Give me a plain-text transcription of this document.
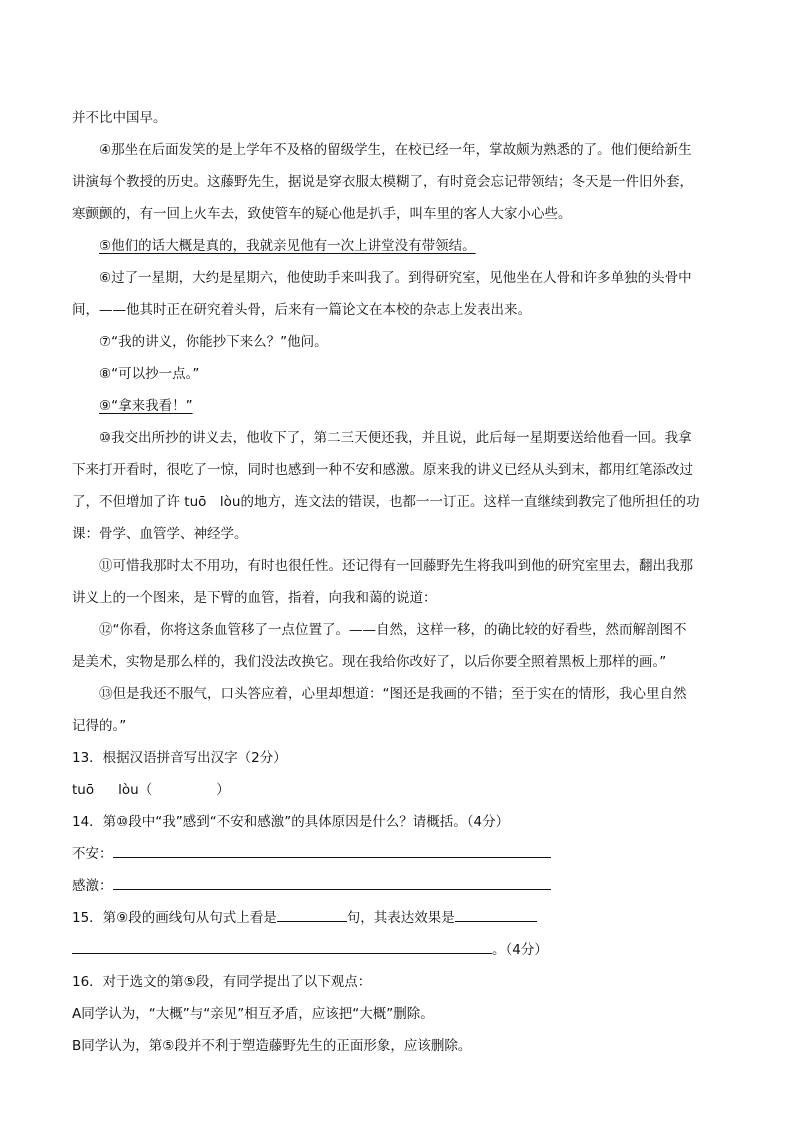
并不比中国早。
④那坐在后面发笑的是上学年不及格的留级学生，在校已经一年，掌故颇为熟悉的了。他们便给新生
讲演每个教授的历史。这藤野先生，据说是穿衣服太模糊了，有时竟会忘记带领结；冬天是一件旧外套，
寒颤颤的，有一回上火车去，致使管车的疑心他是扒手，叫车里的客人大家小心些。
⑤他们的话大概是真的，我就亲见他有一次上讲堂没有带领结。
⑥过了一星期，大约是星期六，他使助手来叫我了。到得研究室，见他坐在人骨和许多单独的头骨中
间，——他其时正在研究着头骨，后来有一篇论文在本校的杂志上发表出来。
⑦“我的讲义，你能抄下来么？”他问。
⑧“可以抄一点。”
⑨“拿来我看！”
⑩我交出所抄的讲义去，他收下了，第二三天便还我，并且说，此后每一星期要送给他看一回。我拿
下来打开看时，很吃了一惊，同时也感到一种不安和感激。原来我的讲义已经从头到末，都用红笔添改过
了，不但增加了许 tuō　lòu的地方，连文法的错误，也都一一订正。这样一直继续到教完了他所担任的功
课：骨学、血管学、神经学。
⑪可惜我那时太不用功，有时也很任性。还记得有一回藤野先生将我叫到他的研究室里去，翻出我那
讲义上的一个图来，是下臂的血管，指着，向我和蔼的说道：
⑫“你看，你将这条血管移了一点位置了。——自然，这样一移，的确比较的好看些，然而解剖图不
是美术，实物是那么样的，我们没法改换它。现在我给你改好了，以后你要全照着黑板上那样的画。”
⑬但是我还不服气，口头答应着，心里却想道：“图还是我画的不错；至于实在的情形，我心里自然
记得的。”
13．根据汉语拼音写出汉字（2分）
tuō lòu（	）
14．第⑩段中“我”感到“不安和感激”的具体原因是什么？请概括。（4分）
不安：
感激：
15．第⑨段的画线句从句式上看是	句，其表达效果是
。（4分）
16．对于选文的第⑤段，有同学提出了以下观点：
A同学认为，“大概”与“亲见”相互矛盾，应该把“大概”删除。
B同学认为，第⑤段并不利于塑造藤野先生的正面形象，应该删除。
